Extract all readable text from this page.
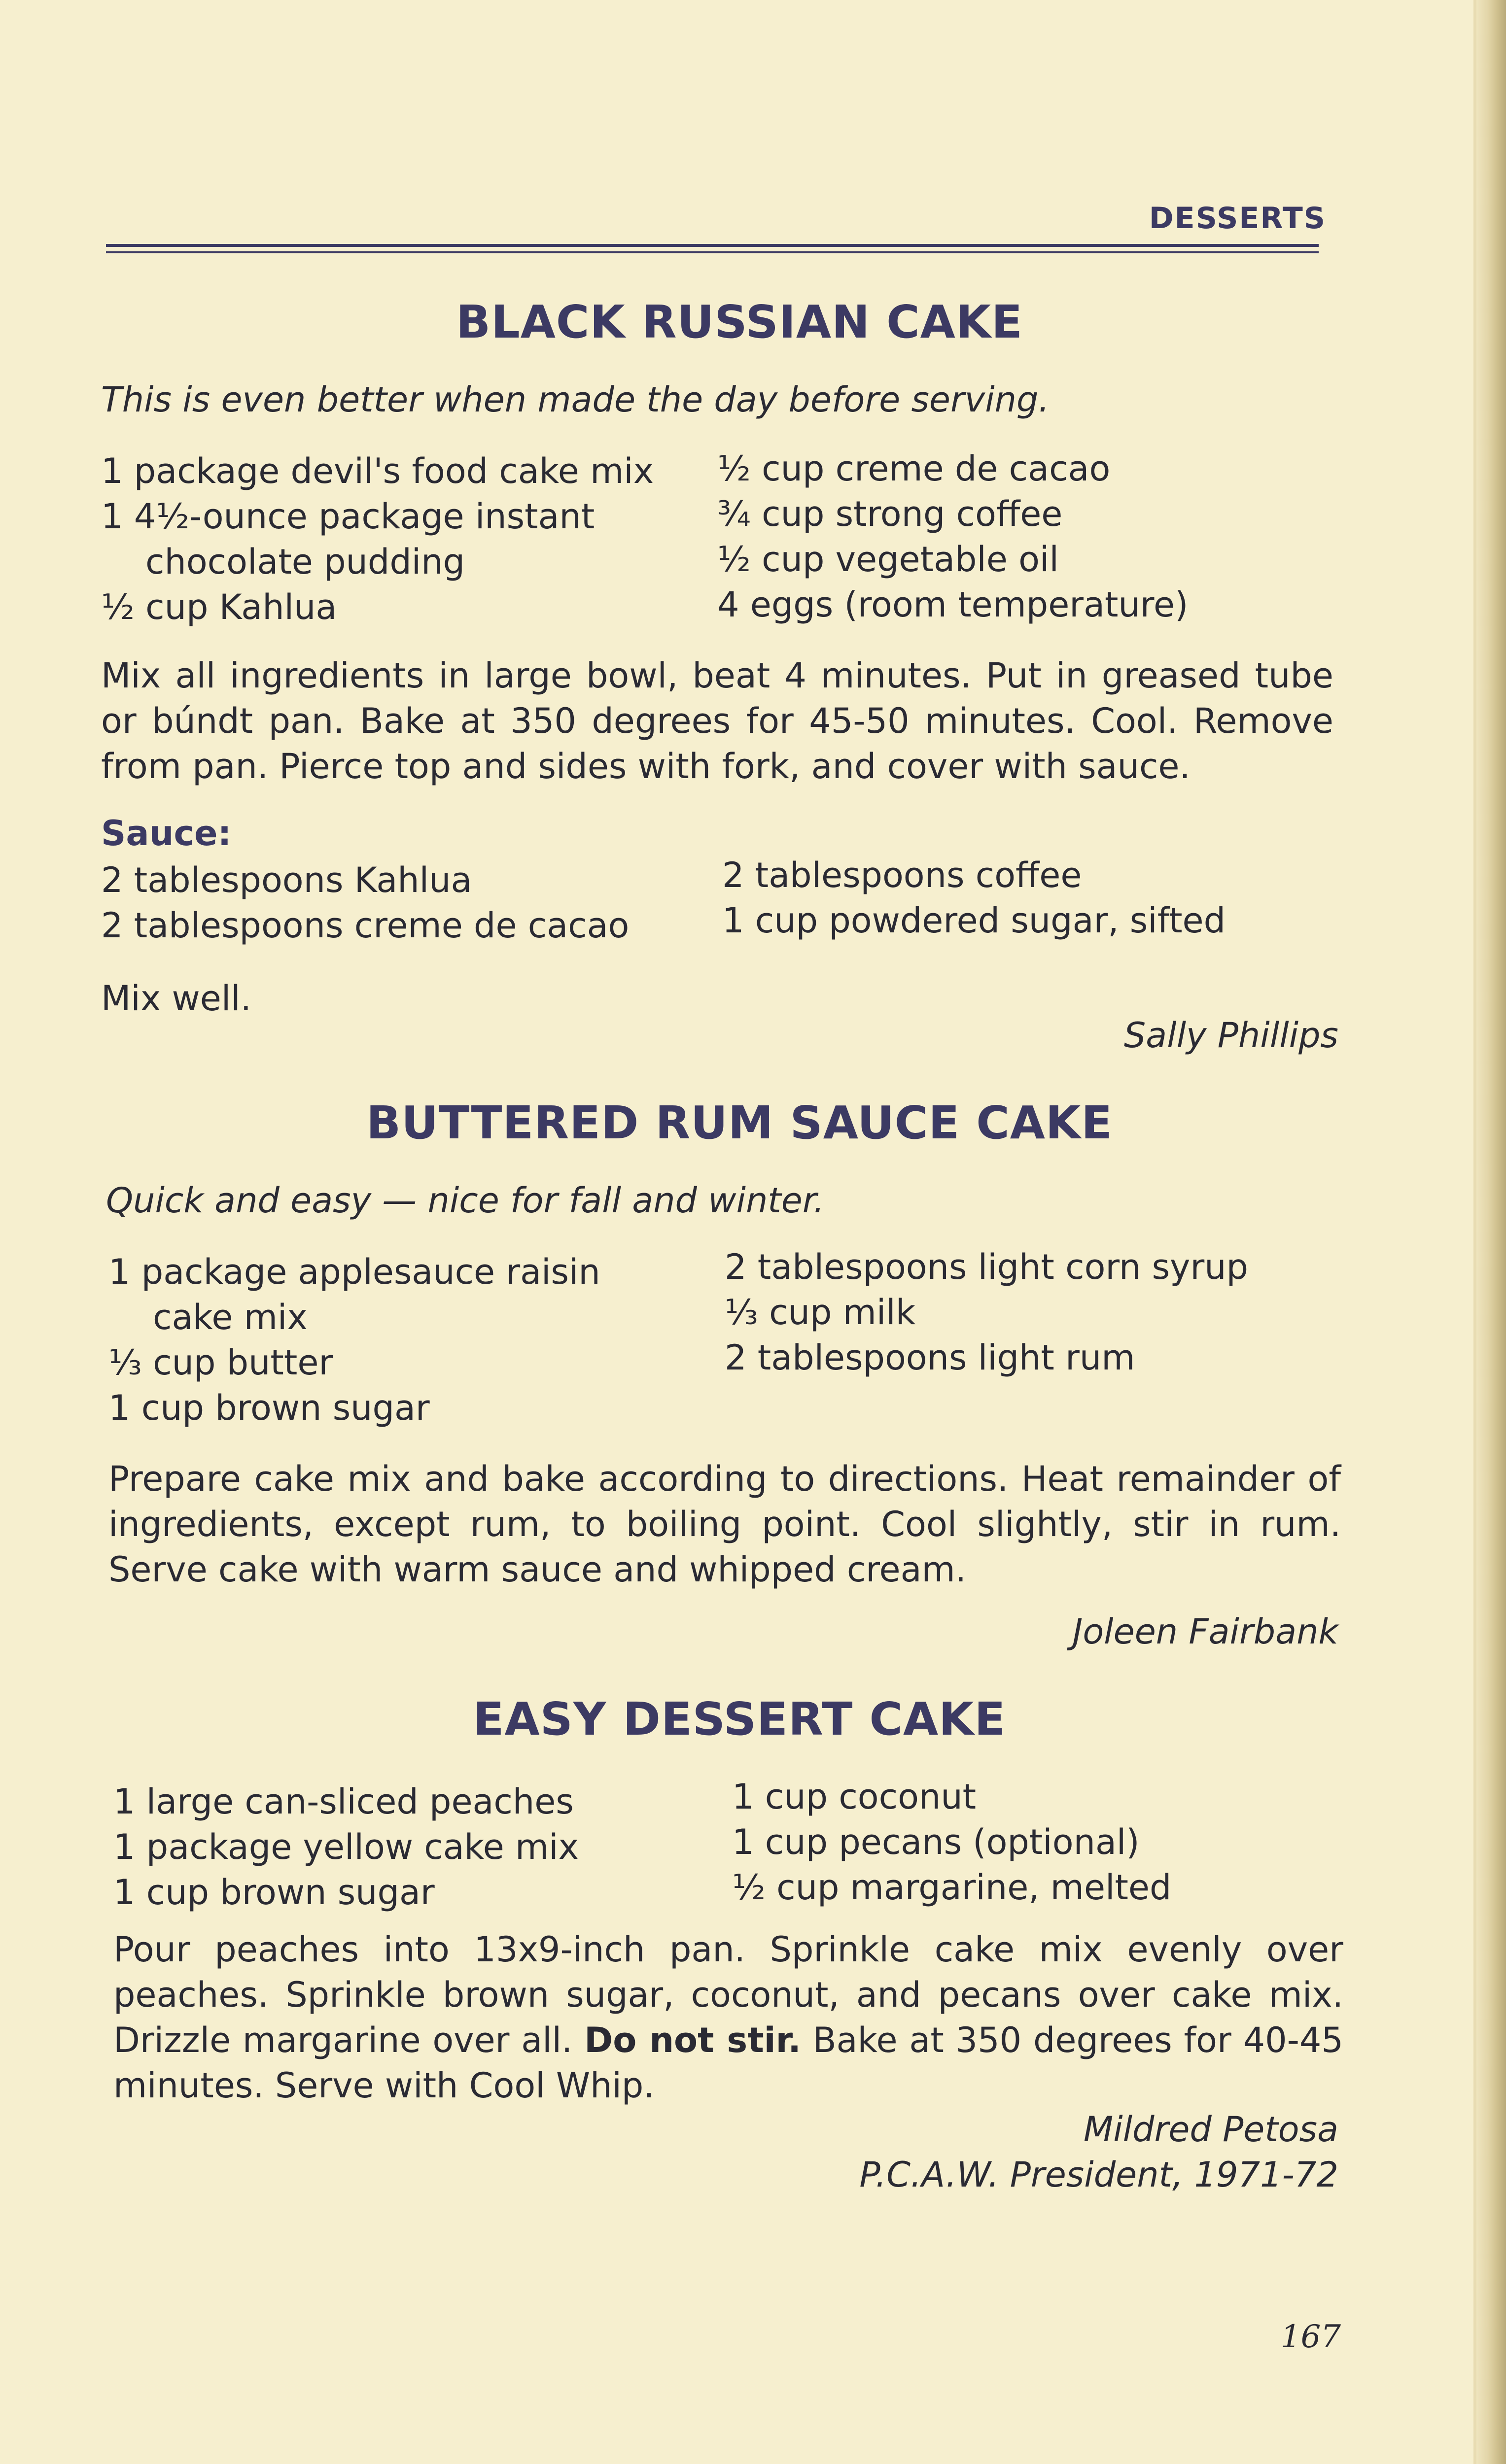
DESSERTS
BLACK RUSSIAN CAKE
This is even better when made the day before serving.
1 package devil's food cake mix
1 4½-ounce package instant
chocolate pudding
½ cup Kahlua
½ cup creme de cacao
¾ cup strong coffee
½ cup vegetable oil
4 eggs (room temperature)
Mix all ingredients in large bowl, beat 4 minutes. Put in greased tube or búndt pan. Bake at 350 degrees for 45-50 minutes. Cool. Remove from pan. Pierce top and sides with fork, and cover with sauce.
Sauce:
2 tablespoons Kahlua
2 tablespoons creme de cacao
2 tablespoons coffee
1 cup powdered sugar, sifted
Mix well.
Sally Phillips
BUTTERED RUM SAUCE CAKE
Quick and easy — nice for fall and winter.
1 package applesauce raisin
cake mix
⅓ cup butter
1 cup brown sugar
2 tablespoons light corn syrup
⅓ cup milk
2 tablespoons light rum
Prepare cake mix and bake according to directions. Heat remainder of ingredients, except rum, to boiling point. Cool slightly, stir in rum. Serve cake with warm sauce and whipped cream.
Joleen Fairbank
EASY DESSERT CAKE
1 large can-sliced peaches
1 package yellow cake mix
1 cup brown sugar
1 cup coconut
1 cup pecans (optional)
½ cup margarine, melted
Pour peaches into 13x9-inch pan. Sprinkle cake mix evenly over peaches. Sprinkle brown sugar, coconut, and pecans over cake mix. Drizzle margarine over all. Do not stir. Bake at 350 degrees for 40-45 minutes. Serve with Cool Whip.
Mildred Petosa
P.C.A.W. President, 1971-72
167
